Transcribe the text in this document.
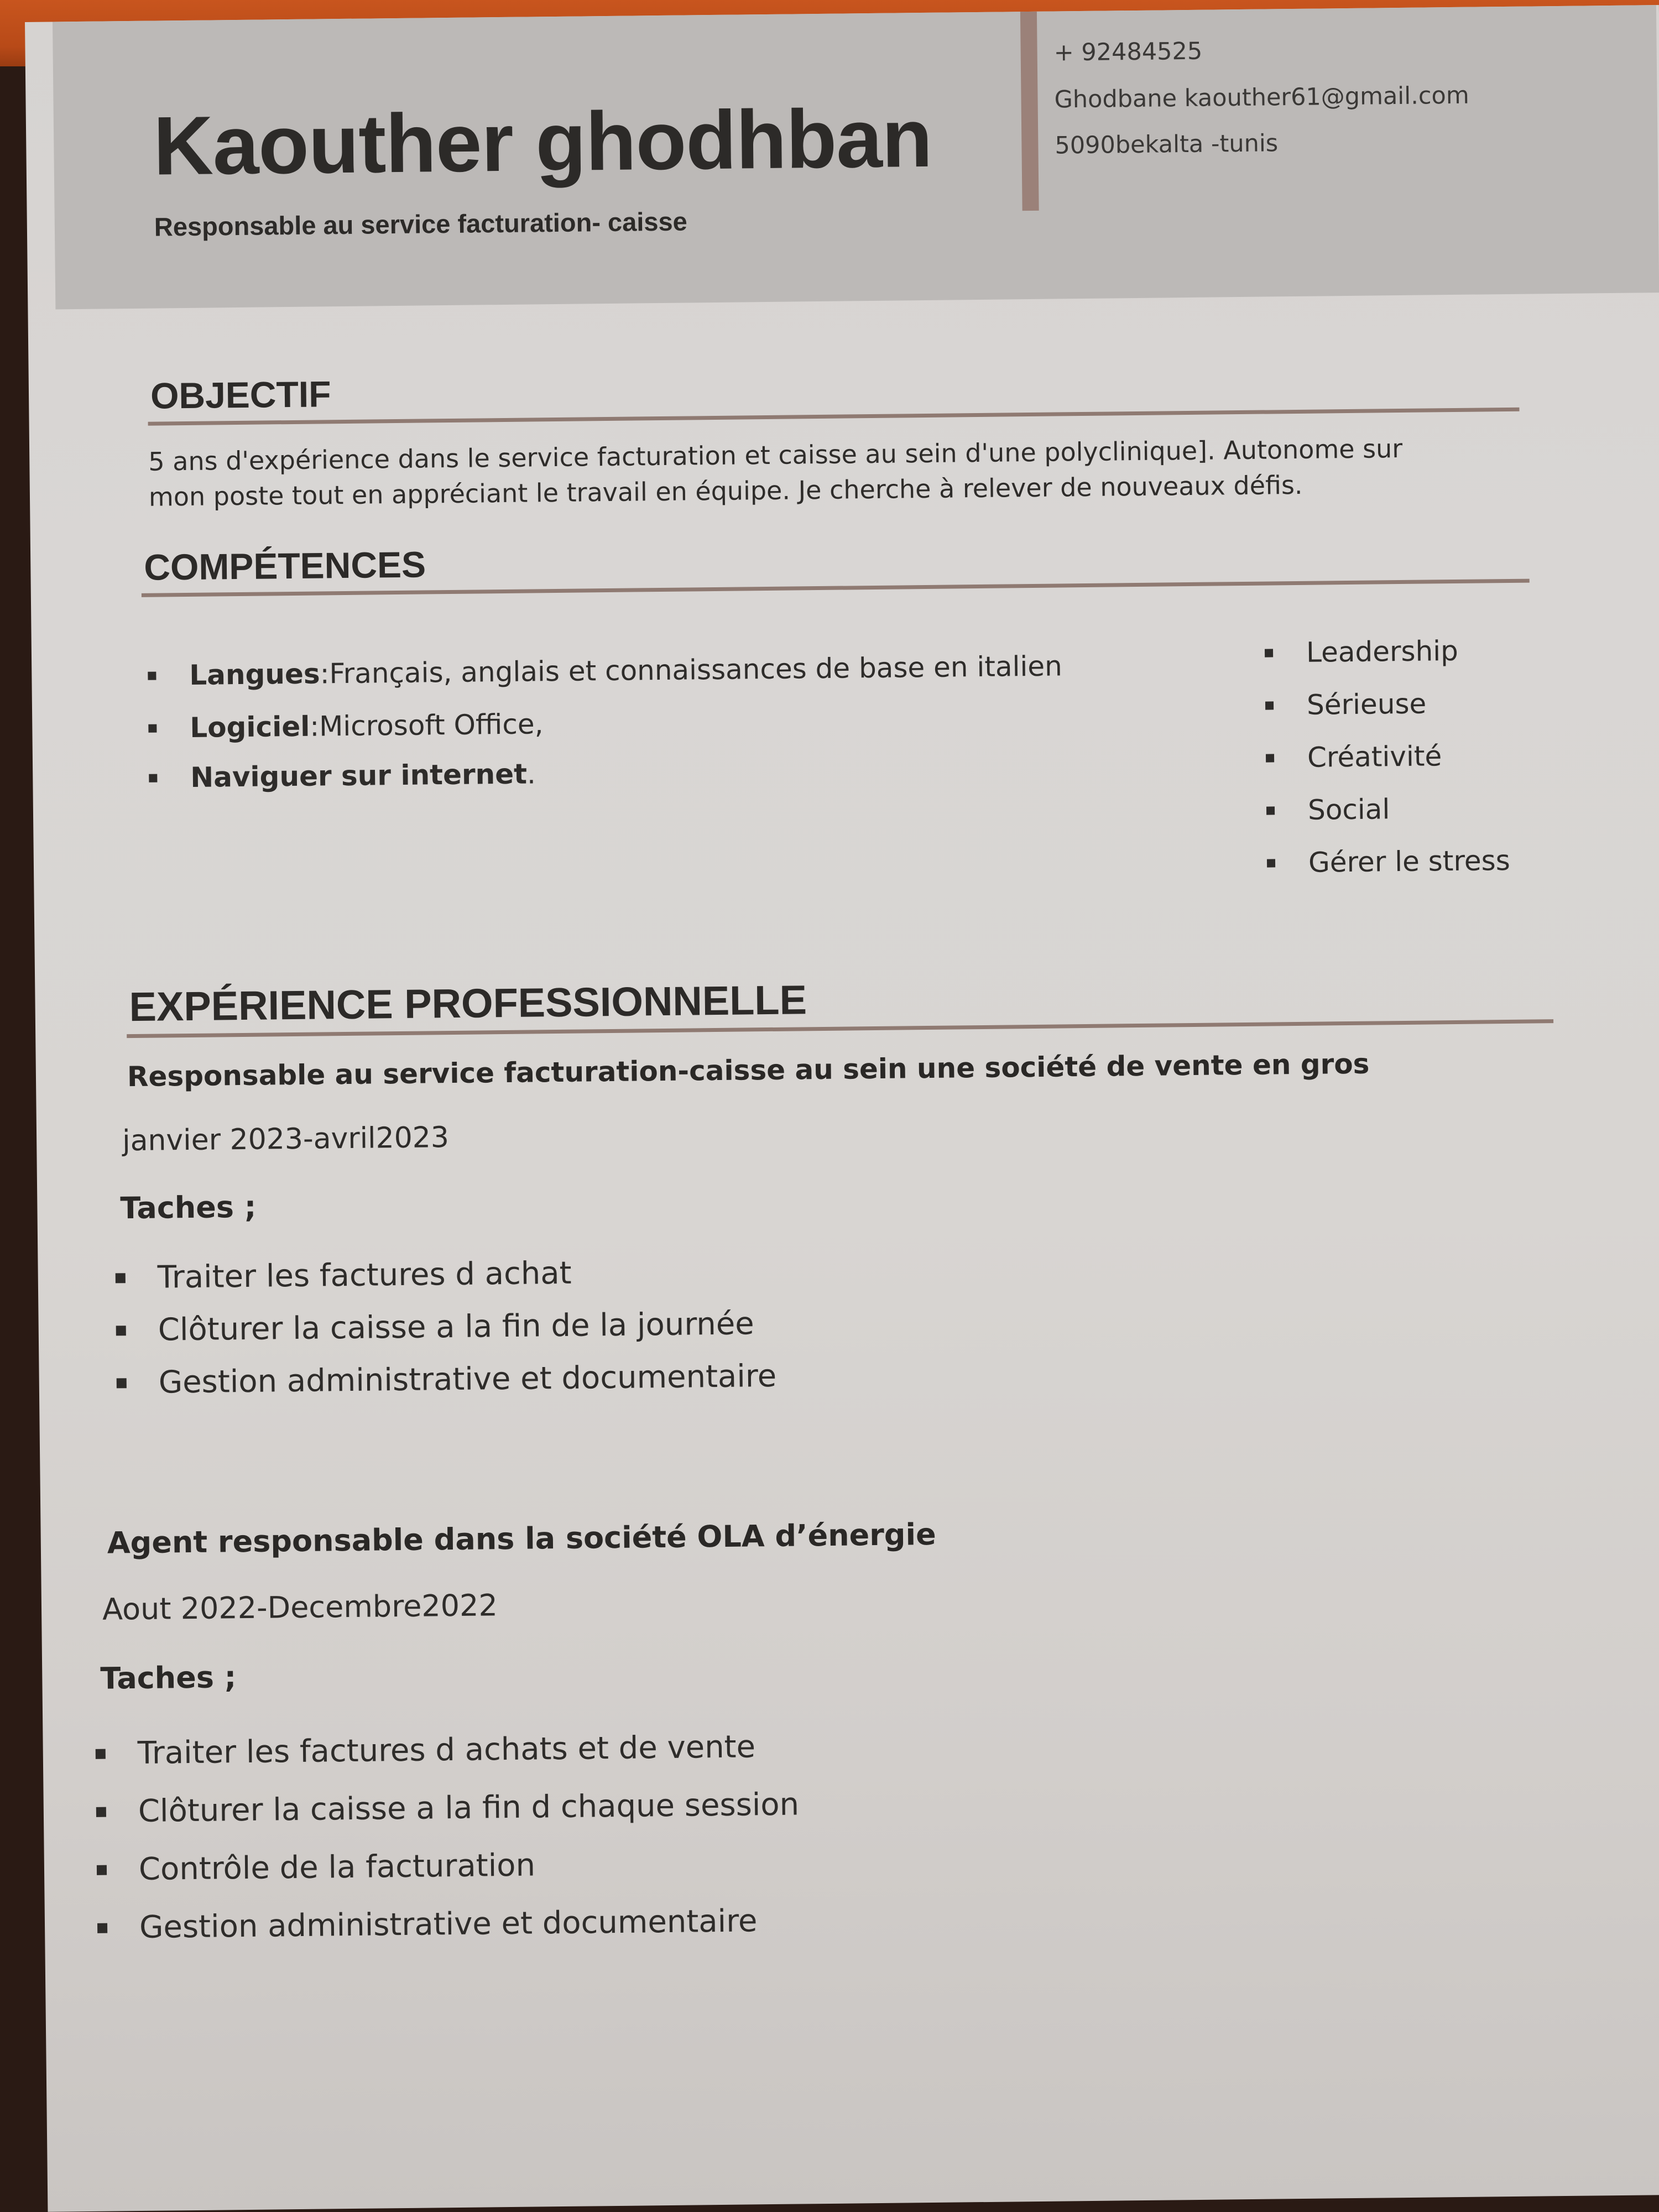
Kaouther ghodhban
Responsable au service facturation- caisse
+ 92484525
Ghodbane kaouther61@gmail.com
5090bekalta -tunis
OBJECTIF
5 ans d'expérience dans le service facturation et caisse au sein d'une polyclinique]. Autonome sur
mon poste tout en appréciant le travail en équipe. Je cherche à relever de nouveaux défis.
COMPÉTENCES
Langues : Français, anglais et connaissances de base en italien
Logiciel : Microsoft Office,
Naviguer sur internet .
Leadership
Sérieuse
Créativité
Social
Gérer le stress
EXPÉRIENCE PROFESSIONNELLE
Responsable au service facturation-caisse au sein une société de vente en gros
janvier 2023-avril2023
Taches ;
Traiter les factures d achat
Clôturer la caisse a la fin de la journée
Gestion administrative et documentaire
Agent responsable dans la société OLA d’énergie
Aout 2022-Decembre2022
Taches ;
Traiter les factures d achats et de vente
Clôturer la caisse a la fin d chaque session
Contrôle de la facturation
Gestion administrative et documentaire
